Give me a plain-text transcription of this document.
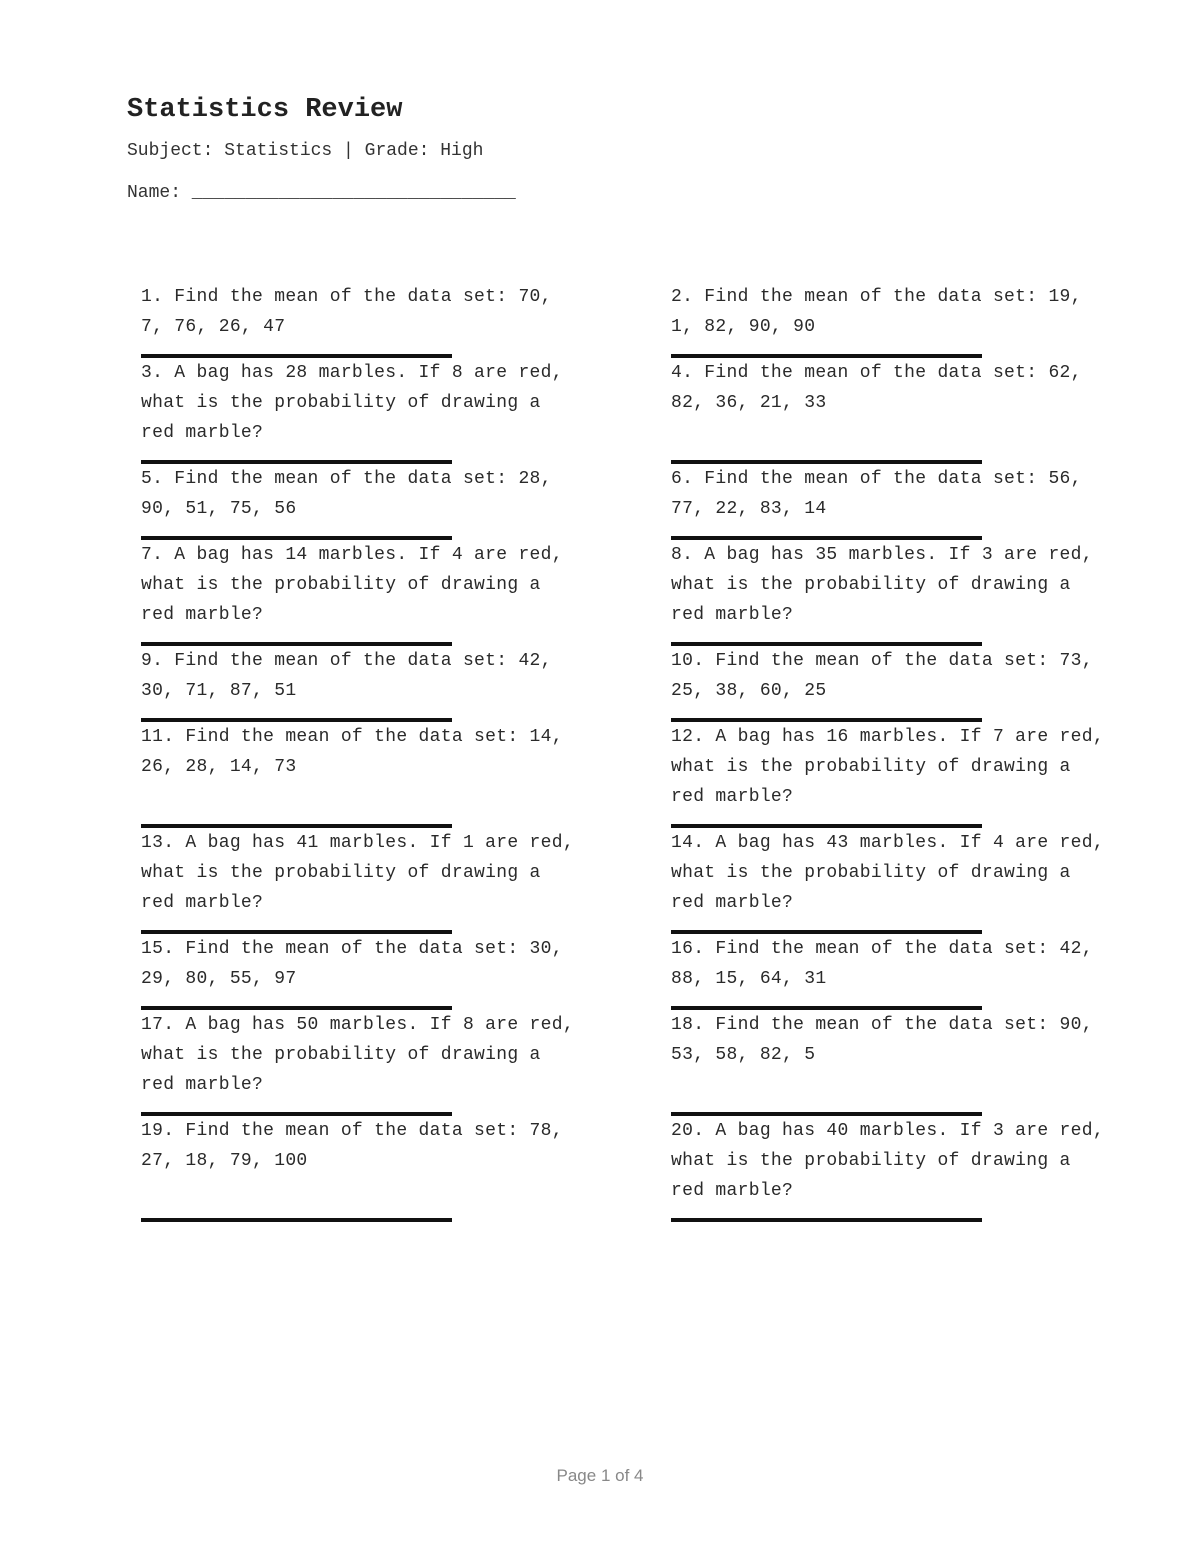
Statistics Review
Subject: Statistics | Grade: High
Name: ______________________________
1. Find the mean of the data set: 70, 7, 76, 26, 47
2. Find the mean of the data set: 19, 1, 82, 90, 90
3. A bag has 28 marbles. If 8 are red, what is the probability of drawing a red marble?
4. Find the mean of the data set: 62, 82, 36, 21, 33
5. Find the mean of the data set: 28, 90, 51, 75, 56
6. Find the mean of the data set: 56, 77, 22, 83, 14
7. A bag has 14 marbles. If 4 are red, what is the probability of drawing a red marble?
8. A bag has 35 marbles. If 3 are red, what is the probability of drawing a red marble?
9. Find the mean of the data set: 42, 30, 71, 87, 51
10. Find the mean of the data set: 73, 25, 38, 60, 25
11. Find the mean of the data set: 14, 26, 28, 14, 73
12. A bag has 16 marbles. If 7 are red, what is the probability of drawing a red marble?
13. A bag has 41 marbles. If 1 are red, what is the probability of drawing a red marble?
14. A bag has 43 marbles. If 4 are red, what is the probability of drawing a red marble?
15. Find the mean of the data set: 30, 29, 80, 55, 97
16. Find the mean of the data set: 42, 88, 15, 64, 31
17. A bag has 50 marbles. If 8 are red, what is the probability of drawing a red marble?
18. Find the mean of the data set: 90, 53, 58, 82, 5
19. Find the mean of the data set: 78, 27, 18, 79, 100
20. A bag has 40 marbles. If 3 are red, what is the probability of drawing a red marble?
Page 1 of 4
